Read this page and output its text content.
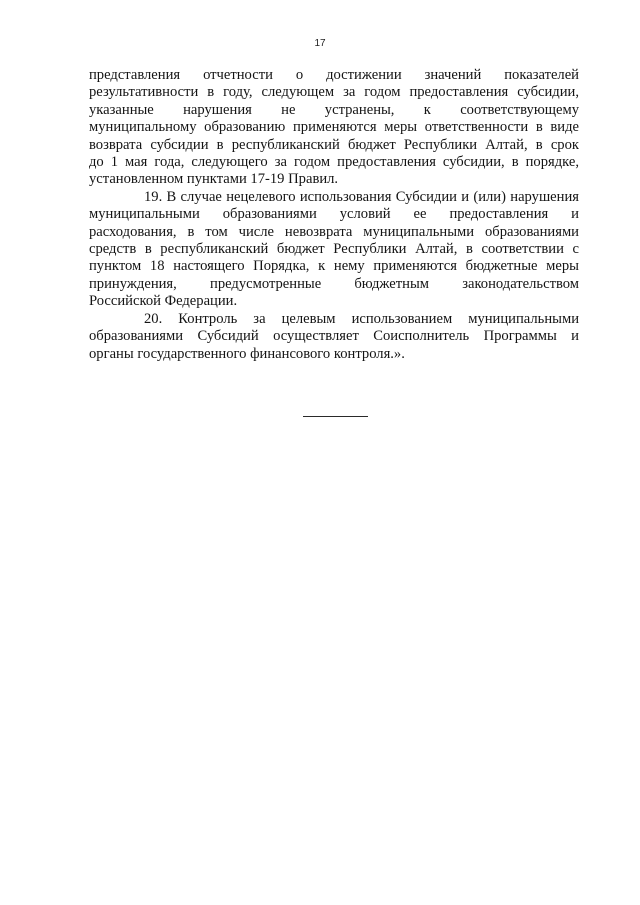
17

представления отчетности о достижении значений показателей
результативности в году, следующем за годом предоставления субсидии,
указанные нарушения не устранены, к соответствующему
муниципальному образованию применяются меры ответственности в виде
возврата субсидии в республиканский бюджет Республики Алтай, в срок
до 1 мая года, следующего за годом предоставления субсидии, в порядке,
установленном пунктами 17-19 Правил.

19. В случае нецелевого использования Субсидии и (или) нарушения
муниципальными образованиями условий ее предоставления и
расходования, в том числе невозврата муниципальными образованиями
средств в республиканский бюджет Республики Алтай, в соответствии с
пунктом 18 настоящего Порядка, к нему применяются бюджетные меры
принуждения, предусмотренные бюджетным законодательством
Российской Федерации.

20. Контроль за целевым использованием муниципальными
образованиями Субсидий осуществляет Соисполнитель Программы и
органы государственного финансового контроля.».
